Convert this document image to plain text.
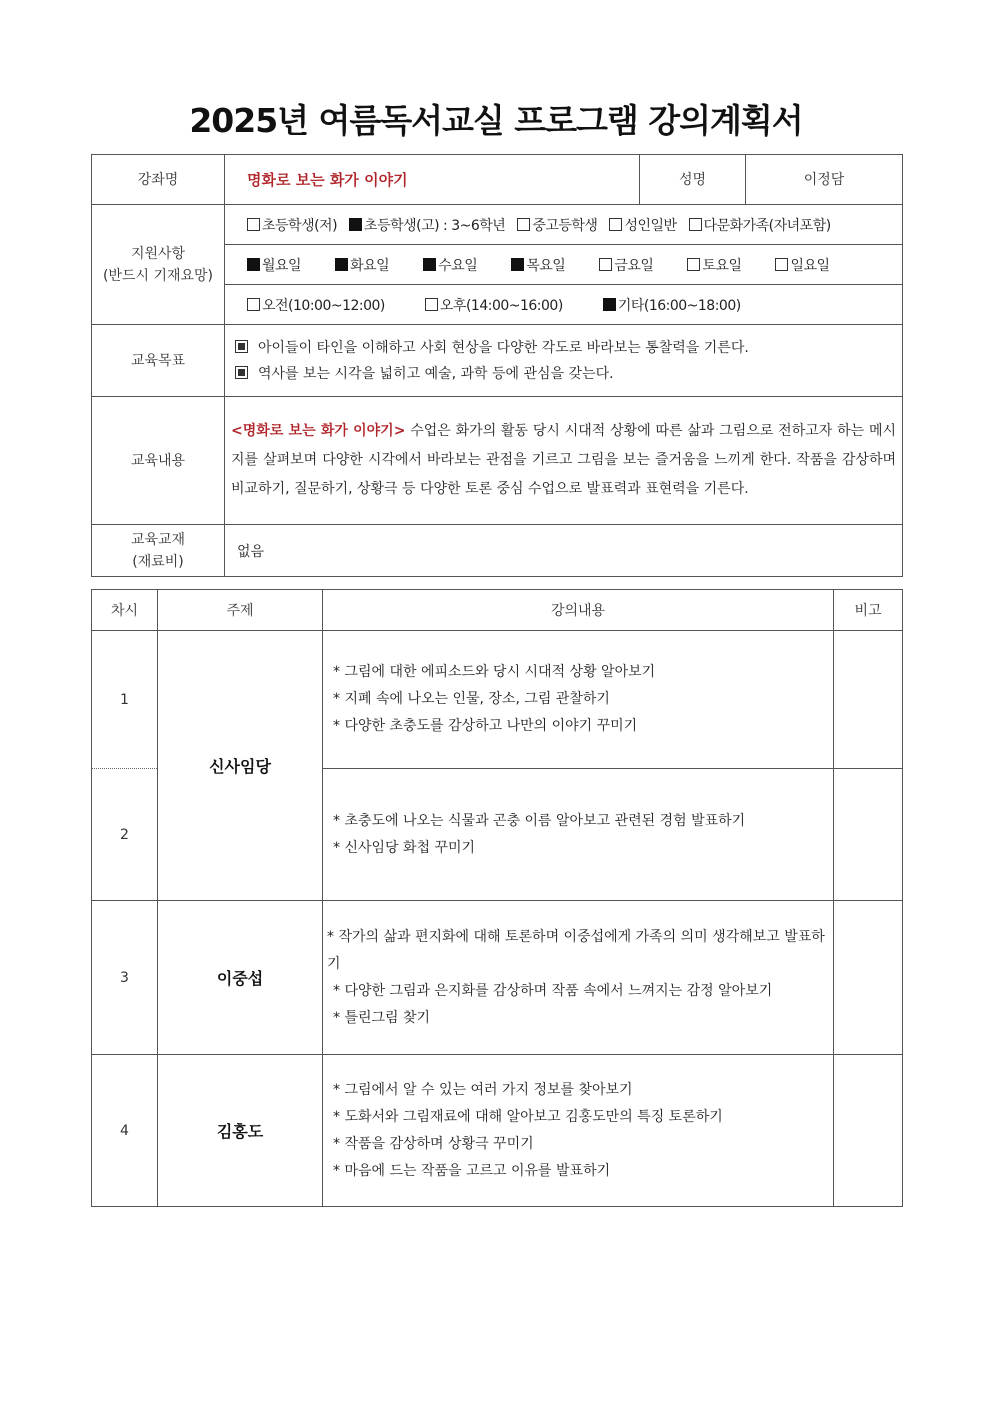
2025년 여름독서교실 프로그램 강의계획서
강좌명	명화로 보는 화가 이야기	성명	이정담

지원사항
(반드시 기재요망)	초등학생(저) 초등학생(고) : 3~6학년 중고등학생 성인일반 다문화가족(자녀포함)		
	월요일 화요일 수요일 목요일 금요일 토요일 일요일		
	오전(10:00~12:00) 오후(14:00~16:00) 기타(16:00~18:00)		
교육목표	아이들이 타인을 이해하고 사회 현상을 다양한 각도로 바라보는 통찰력을 기른다.
역사를 보는 시각을 넓히고 예술, 과학 등에 관심을 갖는다.		

교육내용	<명화로 보는 화가 이야기> 수업은 화가의 활동 당시 시대적 상황에 따른 삶과 그림으로 전하고자 하는 메시지를 살펴보며 다양한 시각에서 바라보는 관점을 기르고 그림을 보는 즐거움을 느끼게 한다. 작품을 감상하며 비교하기, 질문하기, 상황극 등 다양한 토론 중심 수업으로 발표력과 표현력을 기른다.		

교육교재
(재료비)	없음		
차시	주제	강의내용	비고
1	신사임당	* 그림에 대한 에피소드와 당시 시대적 상황 알아보기
* 지폐 속에 나오는 인물, 장소, 그림 관찰하기
* 다양한 초충도를 감상하고 나만의 이야기 꾸미기	

2		* 초충도에 나오는 식물과 곤충 이름 알아보고 관련된 경험 발표하기
* 신사임당 화첩 꾸미기	

3	이중섭	* 작가의 삶과 편지화에 대해 토론하며 이중섭에게 가족의 의미 생각해보고 발표하기
* 다양한 그림과 은지화를 감상하며 작품 속에서 느껴지는 감정 알아보기
* 틀린그림 찾기	

4	김홍도	* 그림에서 알 수 있는 여러 가지 정보를 찾아보기
* 도화서와 그림재료에 대해 알아보고 김홍도만의 특징 토론하기
* 작품을 감상하며 상황극 꾸미기
* 마음에 드는 작품을 고르고 이유를 발표하기	
